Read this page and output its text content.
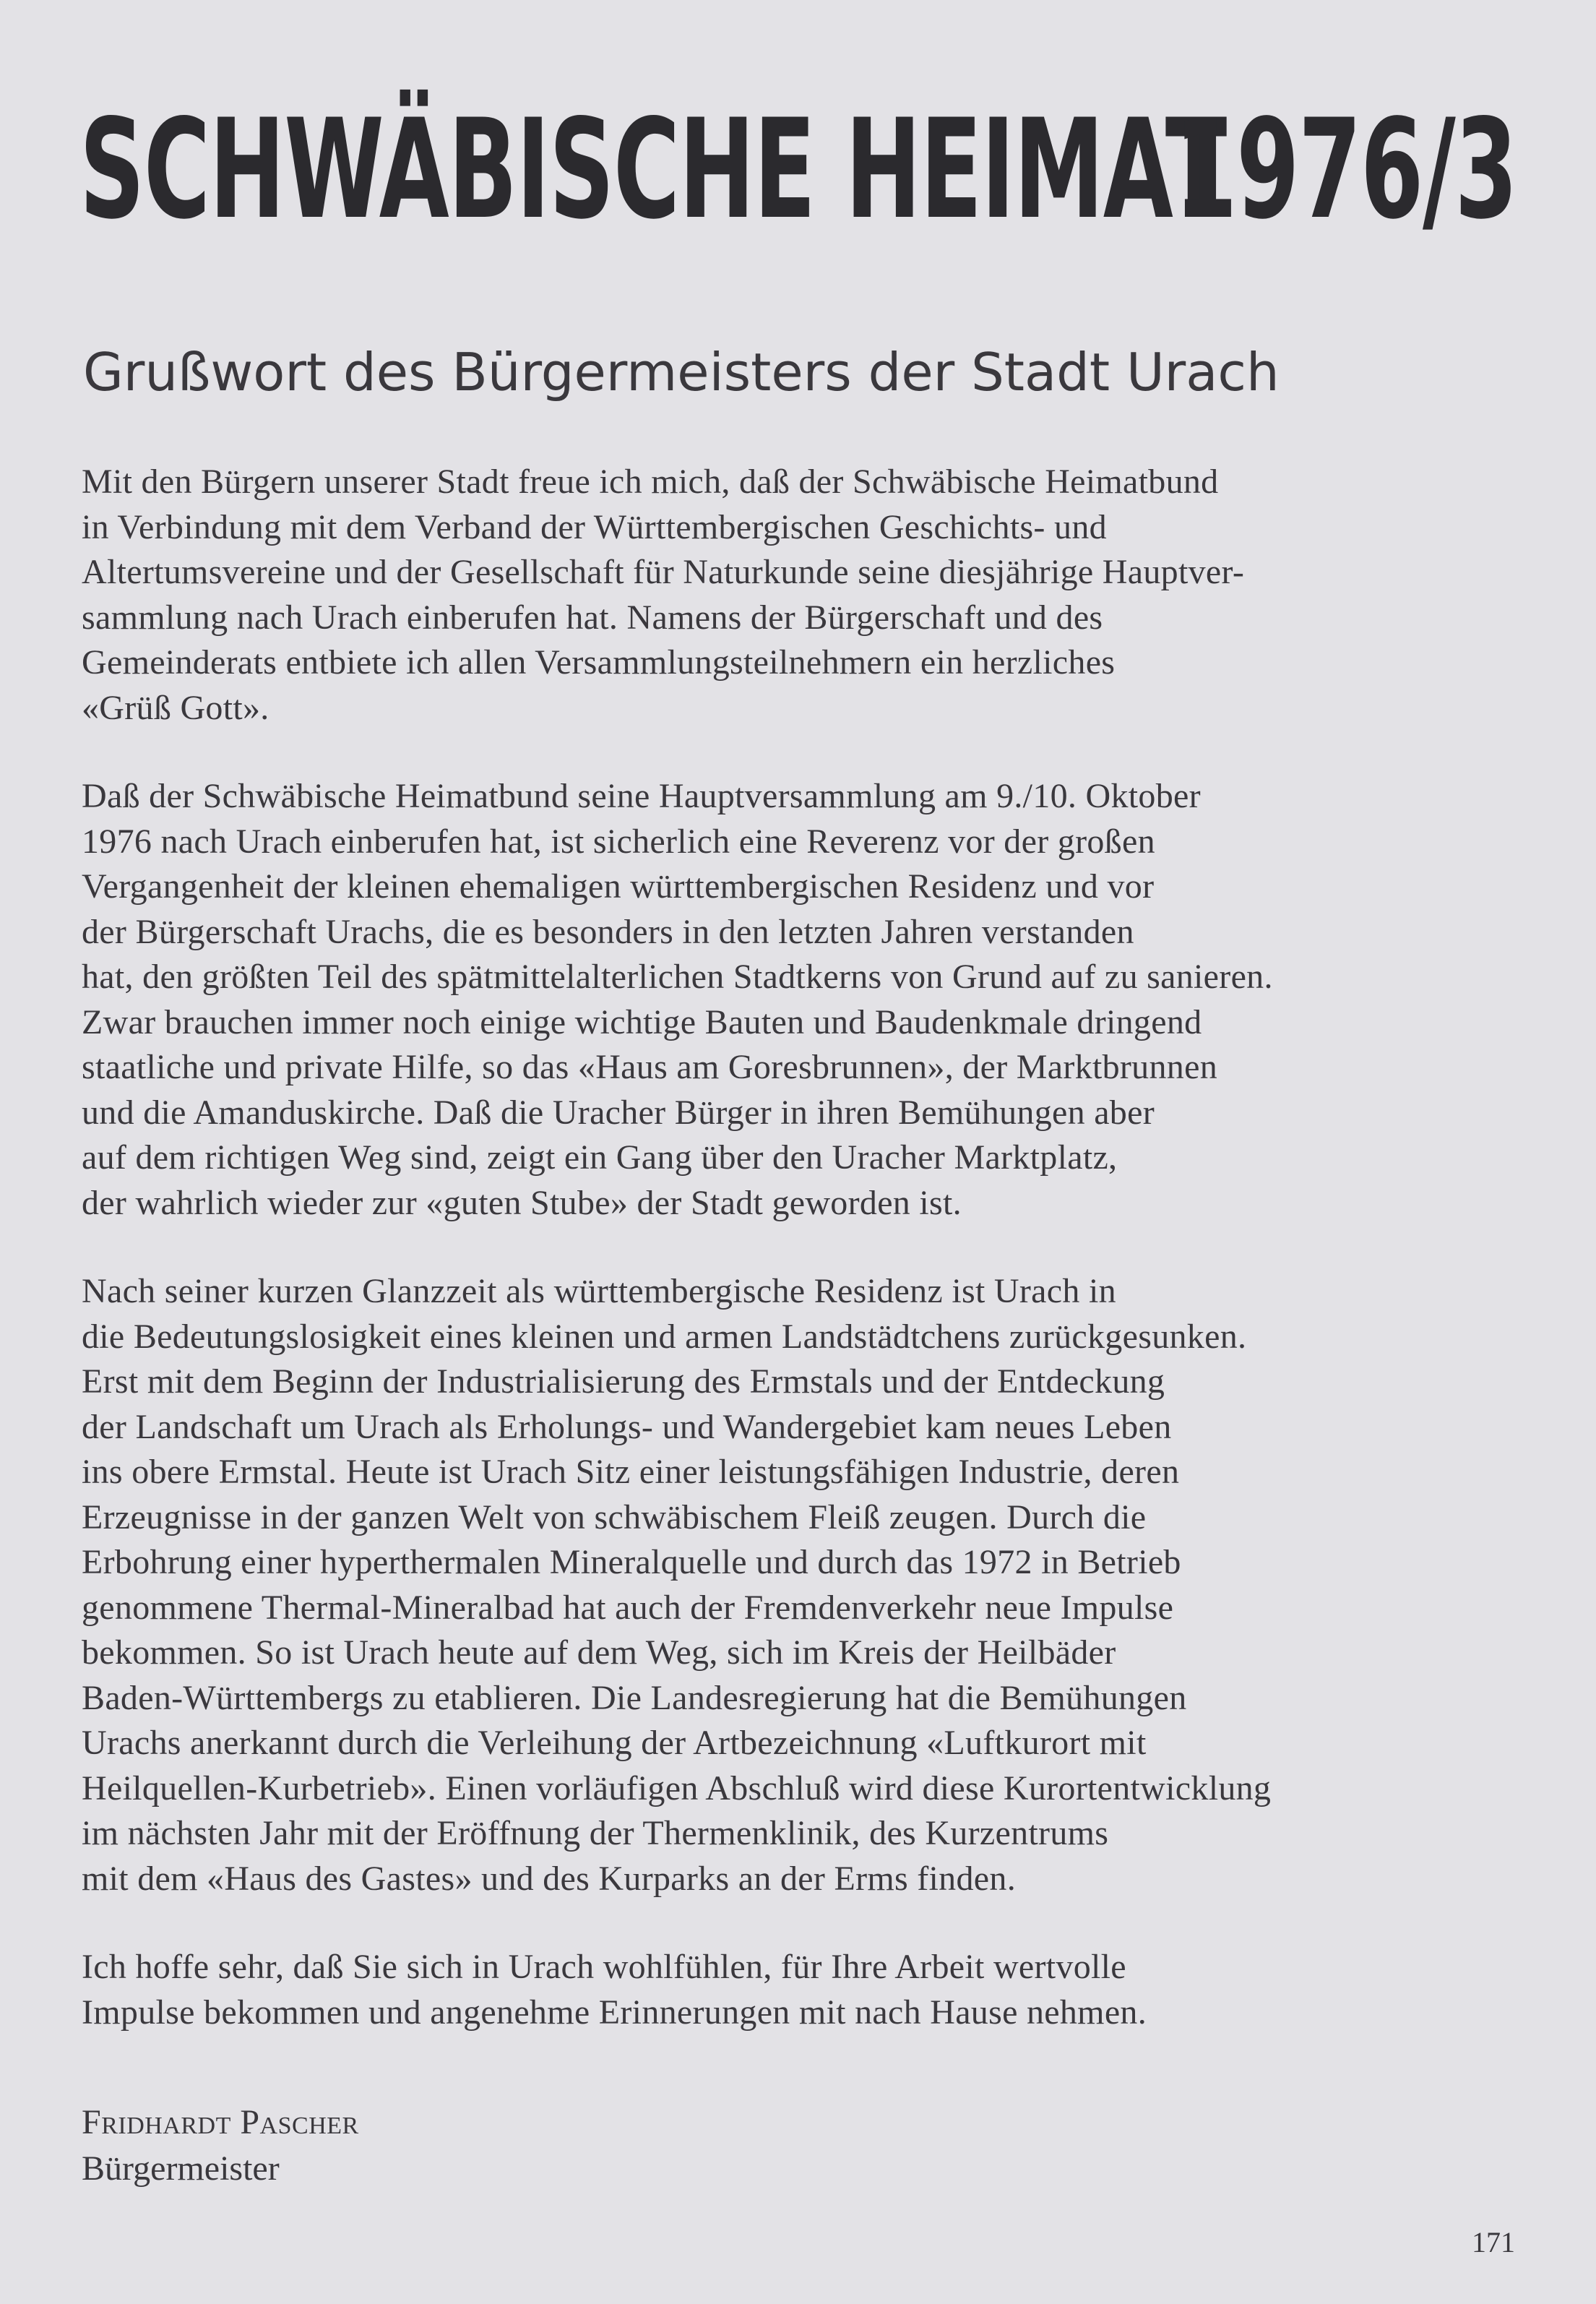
SCHWÄBISCHE HEIMAT
1976/3
Grußwort des Bürgermeisters der Stadt Urach

Mit den Bürgern unserer Stadt freue ich mich, daß der Schwäbische Heimatbund
in Verbindung mit dem Verband der Württembergischen Geschichts- und
Altertumsvereine und der Gesellschaft für Naturkunde seine diesjährige Hauptver-
sammlung nach Urach einberufen hat. Namens der Bürgerschaft und des
Gemeinderats entbiete ich allen Versammlungsteilnehmern ein herzliches
«Grüß Gott».

Daß der Schwäbische Heimatbund seine Hauptversammlung am 9./10. Oktober
1976 nach Urach einberufen hat, ist sicherlich eine Reverenz vor der großen
Vergangenheit der kleinen ehemaligen württembergischen Residenz und vor
der Bürgerschaft Urachs, die es besonders in den letzten Jahren verstanden
hat, den größten Teil des spätmittelalterlichen Stadtkerns von Grund auf zu sanieren.
Zwar brauchen immer noch einige wichtige Bauten und Baudenkmale dringend
staatliche und private Hilfe, so das «Haus am Goresbrunnen», der Marktbrunnen
und die Amanduskirche. Daß die Uracher Bürger in ihren Bemühungen aber
auf dem richtigen Weg sind, zeigt ein Gang über den Uracher Marktplatz,
der wahrlich wieder zur «guten Stube» der Stadt geworden ist.

Nach seiner kurzen Glanzzeit als württembergische Residenz ist Urach in
die Bedeutungslosigkeit eines kleinen und armen Landstädtchens zurückgesunken.
Erst mit dem Beginn der Industrialisierung des Ermstals und der Entdeckung
der Landschaft um Urach als Erholungs- und Wandergebiet kam neues Leben
ins obere Ermstal. Heute ist Urach Sitz einer leistungsfähigen Industrie, deren
Erzeugnisse in der ganzen Welt von schwäbischem Fleiß zeugen. Durch die
Erbohrung einer hyperthermalen Mineralquelle und durch das 1972 in Betrieb
genommene Thermal-Mineralbad hat auch der Fremdenverkehr neue Impulse
bekommen. So ist Urach heute auf dem Weg, sich im Kreis der Heilbäder
Baden-Württembergs zu etablieren. Die Landesregierung hat die Bemühungen
Urachs anerkannt durch die Verleihung der Artbezeichnung «Luftkurort mit
Heilquellen-Kurbetrieb». Einen vorläufigen Abschluß wird diese Kurortentwicklung
im nächsten Jahr mit der Eröffnung der Thermenklinik, des Kurzentrums
mit dem «Haus des Gastes» und des Kurparks an der Erms finden.

Ich hoffe sehr, daß Sie sich in Urach wohlfühlen, für Ihre Arbeit wertvolle
Impulse bekommen und angenehme Erinnerungen mit nach Hause nehmen.

Fridhardt Pascher
Bürgermeister
171
